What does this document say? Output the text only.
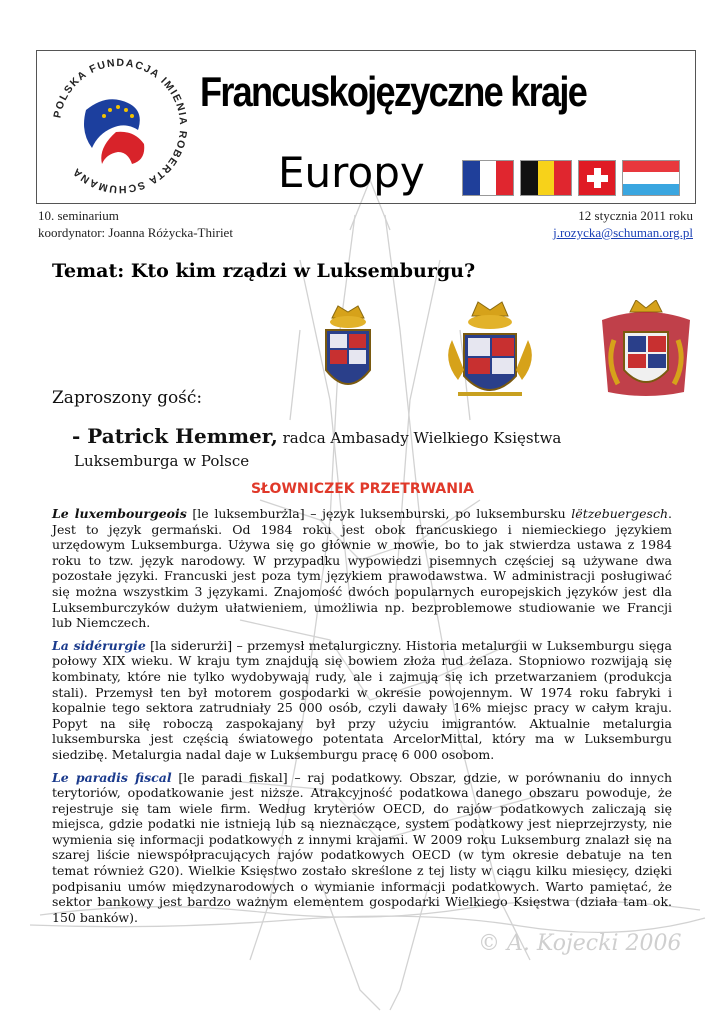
© A. Kojecki 2006
POLSKA FUNDACJA IMIENIA ROBERTA SCHUMANA
Francuskojęzyczne kraje
Europy
10. seminarium
koordynator: Joanna Różycka-Thiriet
12 stycznia 2011 roku
j.rozycka@schuman.org.pl
Temat: Kto kim rządzi w Luksemburgu?
Zaproszony gość:
- Patrick Hemmer, radca Ambasady Wielkiego Księstwa
Luksemburga w Polsce
SŁOWNICZEK PRZETRWANIA

Le luxembourgeois [le luksemburżla] – język luksemburski, po luksembursku lëtzebuergesch. Jest to język germański. Od 1984 roku jest obok francuskiego i niemieckiego językiem urzędowym Luksemburga. Używa się go głównie w mowie, bo to jak stwierdza ustawa z 1984 roku to tzw. język narodowy. W przypadku wypowiedzi pisemnych częściej są używane dwa pozostałe języki. Francuski jest poza tym językiem prawodawstwa. W administracji posługiwać się można wszystkim 3 językami. Znajomość dwóch popularnych europejskich języków jest dla Luksemburczyków dużym ułatwieniem, umożliwia np. bezproblemowe studiowanie we Francji lub Niemczech.

La sidérurgie [la siderurżi] – przemysł metalurgiczny. Historia metalurgii w Luksemburgu sięga połowy XIX wieku. W kraju tym znajdują się bowiem złoża rud żelaza. Stopniowo rozwijają się kombinaty, które nie tylko wydobywają rudy, ale i zajmują się ich przetwarzaniem (produkcja stali). Przemysł ten był motorem gospodarki w okresie powojennym. W 1974 roku fabryki i kopalnie tego sektora zatrudniały 25 000 osób, czyli dawały 16% miejsc pracy w całym kraju. Popyt na siłę roboczą zaspokajany był przy użyciu imigrantów. Aktualnie metalurgia luksemburska jest częścią światowego potentata ArcelorMittal, który ma w Luksemburgu siedzibę. Metalurgia nadal daje w Luksemburgu pracę 6 000 osobom.

Le paradis fiscal [le paradi fiskal] – raj podatkowy. Obszar, gdzie, w porównaniu do innych terytoriów, opodatkowanie jest niższe. Atrakcyjność podatkowa danego obszaru powoduje, że rejestruje się tam wiele firm. Według kryteriów OECD, do rajów podatkowych zaliczają się miejsca, gdzie podatki nie istnieją lub są nieznaczące, system podatkowy jest nieprzejrzysty, nie wymienia się informacji podatkowych z innymi krajami. W 2009 roku Luksemburg znalazł się na szarej liście niewspółpracujących rajów podatkowych OECD (w tym okresie debatuje na ten temat również G20). Wielkie Księstwo zostało skreślone z tej listy w ciągu kilku miesięcy, dzięki podpisaniu umów międzynarodowych o wymianie informacji podatkowych. Warto pamiętać, że sektor bankowy jest bardzo ważnym elementem gospodarki Wielkiego Księstwa (działa tam ok. 150 banków).
